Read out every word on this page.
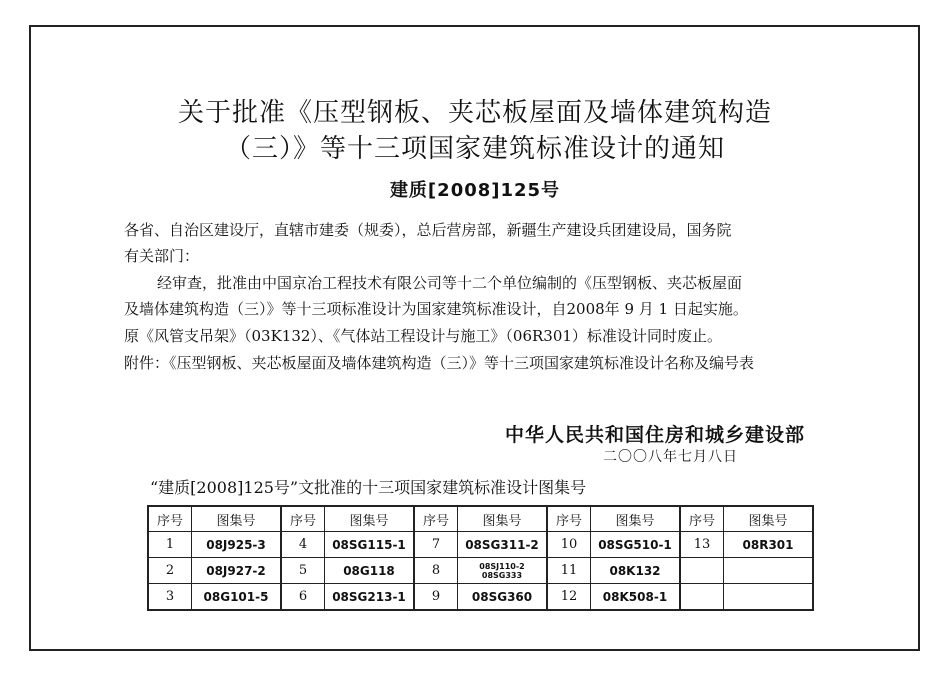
关于批准《压型钢板、夹芯板屋面及墙体建筑构造
（三）》等十三项国家建筑标准设计的通知
建质[2008]125号
各省、自治区建设厅，直辖市建委（规委），总后营房部，新疆生产建设兵团建设局，国务院
有关部门：
经审查，批准由中国京冶工程技术有限公司等十二个单位编制的《压型钢板、夹芯板屋面
及墙体建筑构造（三）》等十三项标准设计为国家建筑标准设计，自2008年 9 月 1 日起实施。
原《风管支吊架》（03K132）、《气体站工程设计与施工》（06R301）标准设计同时废止。
附件：《压型钢板、夹芯板屋面及墙体建筑构造（三）》等十三项国家建筑标准设计名称及编号表
中华人民共和国住房和城乡建设部
二〇〇八年七月八日
“建质[2008]125号”文批准的十三项国家建筑标准设计图集号
序号	图集号	序号	图集号	序号	图集号	序号	图集号	序号	图集号
1	08J925-3	4	08SG115-1	7	08SG311-2	10	08SG510-1	13	08R301
2	08J927-2	5	08G118	8	08SJ110-2 08SG333	11	08K132		
3	08G101-5	6	08SG213-1	9	08SG360	12	08K508-1		
